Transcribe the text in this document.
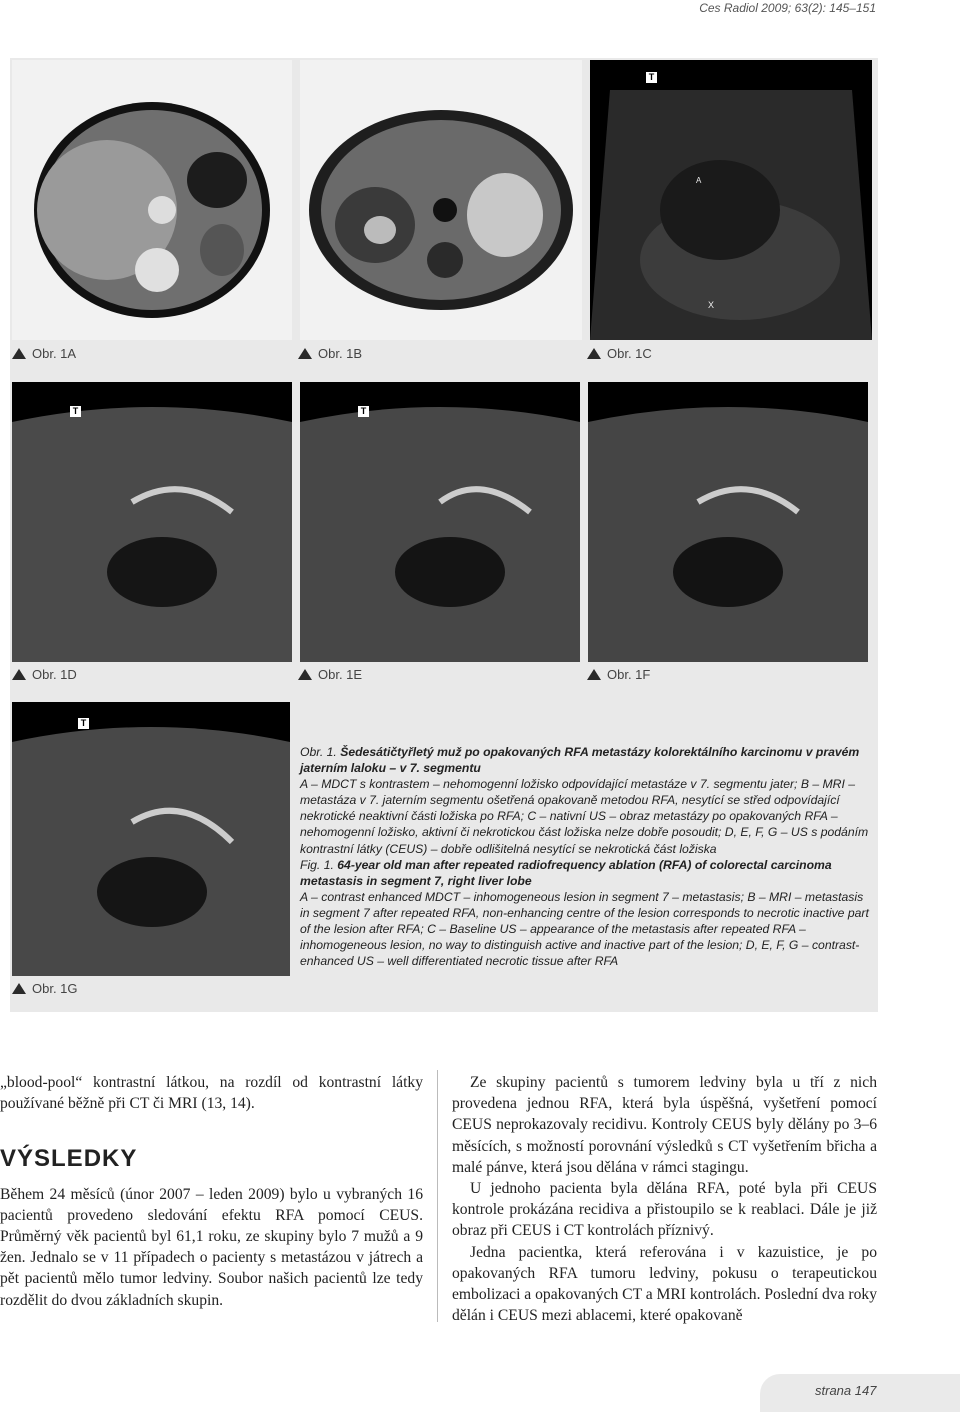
Ces Radiol 2009; 63(2): 145–151
T
A
X
Obr. 1A	Obr. 1B	Obr. 1C
T	T
Obr. 1D	Obr. 1E	Obr. 1F
T
Obr. 1G

Obr. 1. Šedesátičtyřletý muž po opakovaných RFA metastázy kolorektálního karcinomu v pravém jaterním laloku – v 7. segmentu
A – MDCT s kontrastem – nehomogenní ložisko odpovídající metastáze v 7. segmentu jater; B – MRI – metastáza v 7. jaterním segmentu ošetřená opakovaně metodou RFA, nesytící se střed odpovídající nekrotické neaktivní části ložiska po RFA; C – nativní US – obraz metastázy po opakovaných RFA – nehomogenní ložisko, aktivní či nekrotickou část ložiska nelze dobře posoudit; D, E, F, G – US s podáním kontrastní látky (CEUS) – dobře odlišitelná nesytící se nekrotická část ložiska

Fig. 1. 64-year old man after repeated radiofrequency ablation (RFA) of colorectal carcinoma metastasis in segment 7, right liver lobe
A – contrast enhanced MDCT – inhomogeneous lesion in segment 7 – metastasis; B – MRI – metastasis in segment 7 after repeated RFA, non-enhancing centre of the lesion corresponds to necrotic inactive part of the lesion after RFA; C – Baseline US – appearance of the metastasis after repeated RFA – inhomogeneous lesion, no way to distinguish active and inactive part of the lesion; D, E, F, G – contrast-enhanced US – well differentiated necrotic tissue after RFA

„blood-pool“ kontrastní látkou, na rozdíl od kontrastní látky používané běžně při CT či MRI (13, 14).

VÝSLEDKY

Během 24 měsíců (únor 2007 – leden 2009) bylo u vybraných 16 pacientů provedeno sledování efektu RFA pomocí CEUS. Průměrný věk pacientů byl 61,1 roku, ze skupiny bylo 7 mužů a 9 žen. Jednalo se v 11 případech o pacienty s metastázou v játrech a pět pacientů mělo tumor ledviny. Soubor našich pacientů lze tedy rozdělit do dvou základních skupin.

Ze skupiny pacientů s tumorem ledviny byla u tří z nich provedena jednou RFA, která byla úspěšná, vyšetření pomocí CEUS neprokazovaly recidivu. Kontroly CEUS byly dělány po 3–6 měsících, s možností porovnání výsledků s CT vyšetřením břicha a malé pánve, která jsou dělána v rámci stagingu.

U jednoho pacienta byla dělána RFA, poté byla při CEUS kontrole prokázána recidiva a přistoupilo se k reablaci. Dále je již obraz při CEUS i CT kontrolách příznivý.

Jedna pacientka, která referována i v kazuistice, je po opakovaných RFA tumoru ledviny, pokusu o terapeutickou embolizaci a opakovaných CT a MRI kontrolách. Poslední dva roky dělán i CEUS mezi ablacemi, které opakovaně

strana 147
